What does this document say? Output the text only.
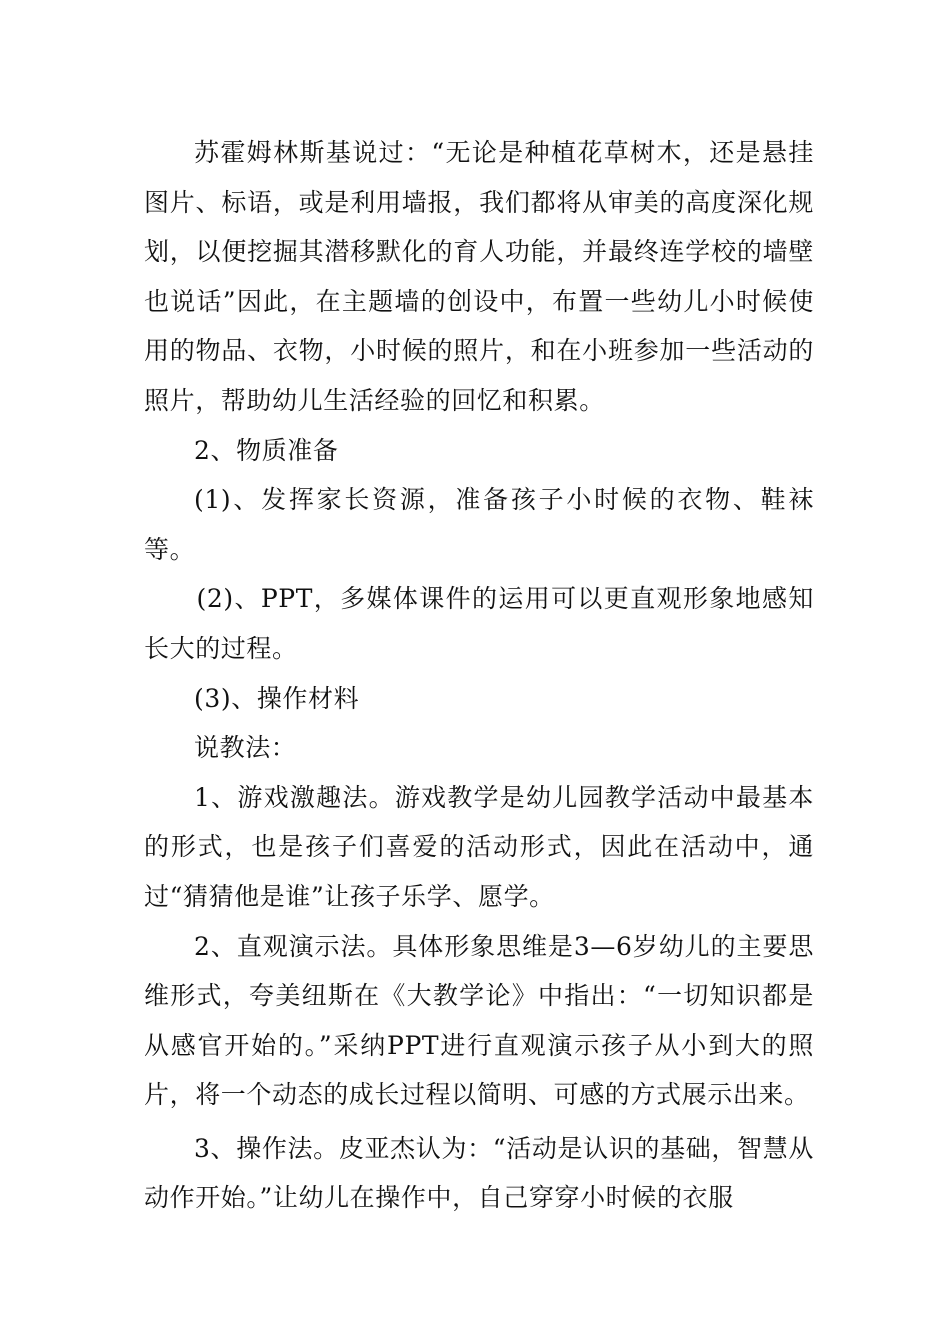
苏霍姆林斯基说过：“无论是种植花草树木，还是悬挂图片、标语，或是利用墙报，我们都将从审美的高度深化规划，以便挖掘其潜移默化的育人功能，并最终连学校的墙壁也说话”因此，在主题墙的创设中，布置一些幼儿小时候使用的物品、衣物，小时候的照片，和在小班参加一些活动的照片，帮助幼儿生活经验的回忆和积累。

2、物质准备

(1)、发挥家长资源，准备孩子小时候的衣物、鞋袜等。

(2)、PPT，多媒体课件的运用可以更直观形象地感知长大的过程。

(3)、操作材料

说教法：

1、游戏激趣法。游戏教学是幼儿园教学活动中最基本的形式，也是孩子们喜爱的活动形式，因此在活动中，通过“猜猜他是谁”让孩子乐学、愿学。

2、直观演示法。具体形象思维是3—6岁幼儿的主要思维形式，夸美纽斯在《大教学论》中指出：“一切知识都是从感官开始的。”采纳PPT进行直观演示孩子从小到大的照片，将一个动态的成长过程以简明、可感的方式展示出来。

3、操作法。皮亚杰认为：“活动是认识的基础，智慧从动作开始。”让幼儿在操作中，自己穿穿小时候的衣服
